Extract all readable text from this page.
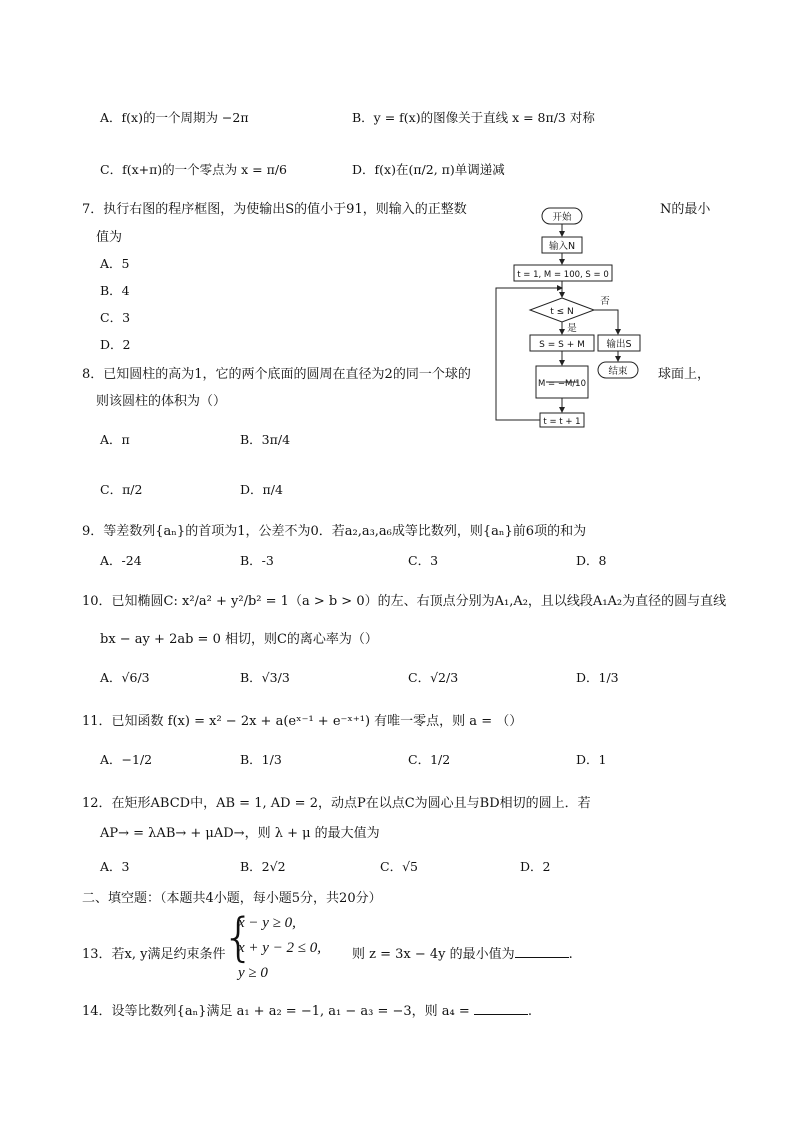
A．f(x)的一个周期为 −2π	B．y = f(x)的图像关于直线 x = 8π/3 对称
C．f(x+π)的一个零点为 x = π/6	D．f(x)在(π/2, π)单调递减
7．执行右图的程序框图，为使输出S的值小于91，则输入的正整数	N的最小
值为
A．5
B．4
C．3
D．2
开始
输入N
t = 1, M = 100, S = 0
t ≤ N
否
是
S = S + M
M = −M/10
t = t + 1
输出S
结束
8．已知圆柱的高为1，它的两个底面的圆周在直径为2的同一个球的	球面上，
则该圆柱的体积为（）
A．π	B．3π/4
C．π/2	D．π/4
9．等差数列{aₙ}的首项为1，公差不为0．若a₂,a₃,a₆成等比数列，则{aₙ}前6项的和为
A．-24	B．-3	C．3	D．8
10．已知椭圆C: x²/a² + y²/b² = 1（a > b > 0）的左、右顶点分别为A₁,A₂，且以线段A₁A₂为直径的圆与直线
bx − ay + 2ab = 0 相切，则C的离心率为（）
A．√6/3	B．√3/3	C．√2/3	D．1/3
11．已知函数 f(x) = x² − 2x + a(eˣ⁻¹ + e⁻ˣ⁺¹) 有唯一零点，则 a = （）
A．−1/2	B．1/3	C．1/2	D．1
12．在矩形ABCD中，AB = 1, AD = 2，动点P在以点C为圆心且与BD相切的圆上．若
AP→ = λAB→ + μAD→，则 λ + μ 的最大值为
A．3	B．2√2	C．√5	D．2
二、填空题：（本题共4小题，每小题5分，共20分）
13．若x, y满足约束条件
{
x − y ≥ 0,
x + y − 2 ≤ 0,
y ≥ 0
则 z = 3x − 4y 的最小值为	.
14．设等比数列{aₙ}满足 a₁ + a₂ = −1, a₁ − a₃ = −3，则 a₄ =	.
